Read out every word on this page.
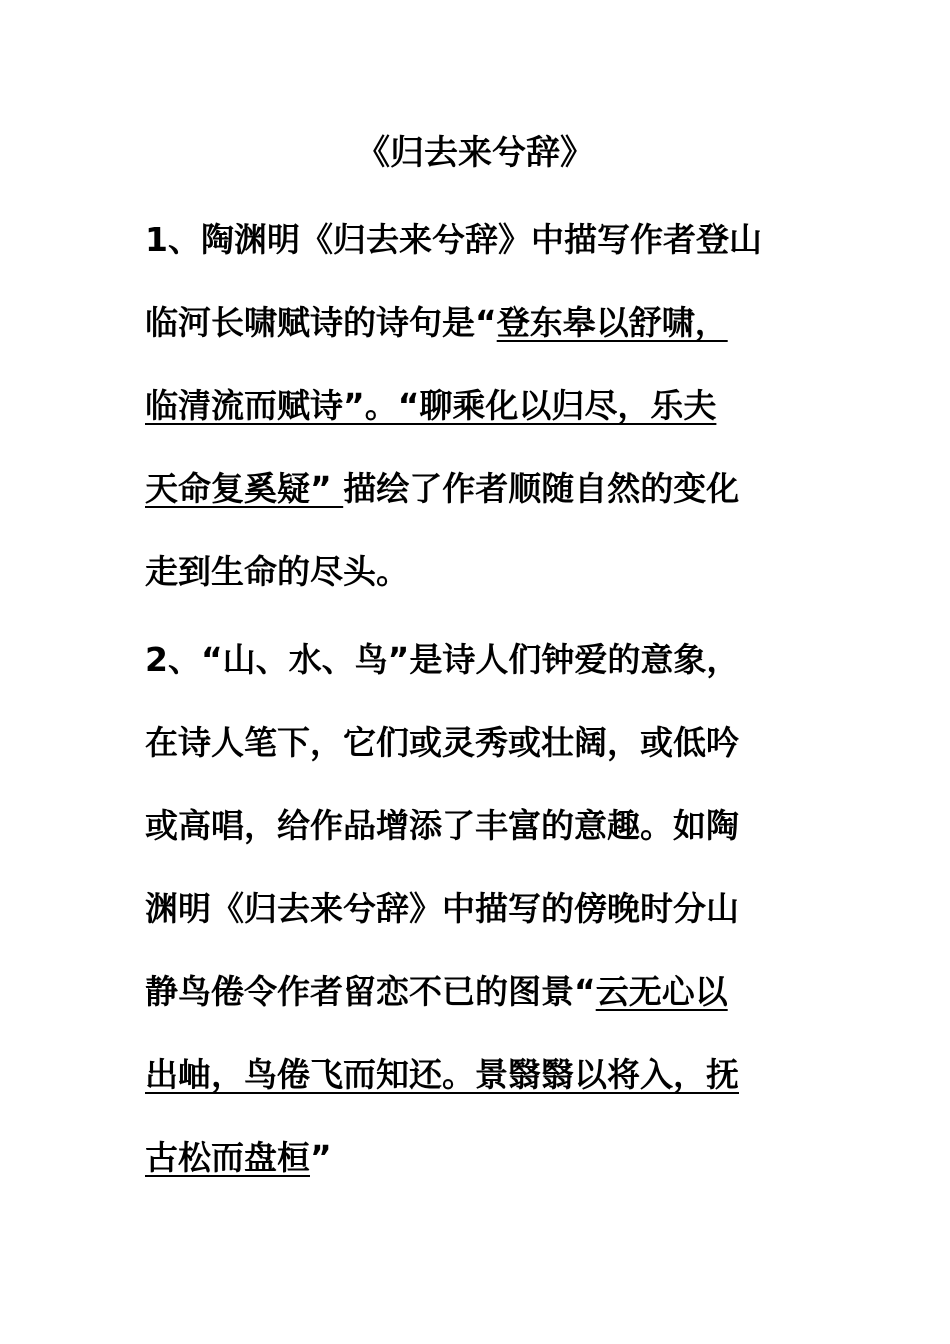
《归去来兮辞》
1、陶渊明《归去来兮辞》中描写作者登山
临河长啸赋诗的诗句是“登东皋以舒啸，
临清流而赋诗”。“聊乘化以归尽，乐夫
天命复奚疑” 描绘了作者顺随自然的变化
走到生命的尽头。
2、“山、水、鸟”是诗人们钟爱的意象，
在诗人笔下，它们或灵秀或壮阔，或低吟
或高唱，给作品增添了丰富的意趣。如陶
渊明《归去来兮辞》中描写的傍晚时分山
静鸟倦令作者留恋不已的图景“云无心以
出岫，鸟倦飞而知还。景翳翳以将入，抚
古松而盘桓”
